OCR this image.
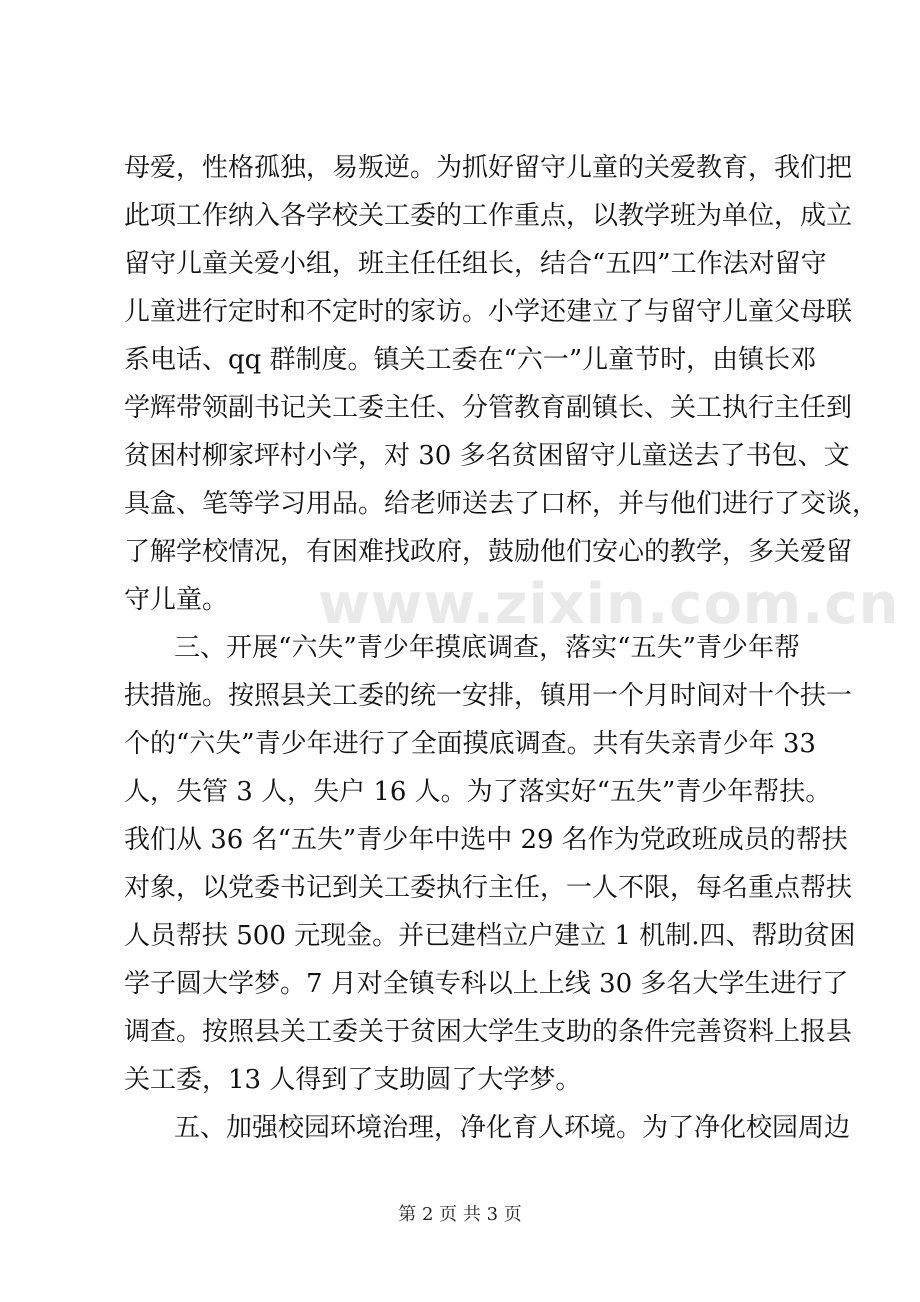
www.zixin.com.cn
母爱，性格孤独，易叛逆。为抓好留守儿童的关爱教育，我们把
此项工作纳入各学校关工委的工作重点，以教学班为单位，成立
留守儿童关爱小组，班主任任组长，结合“五四”工作法对留守
儿童进行定时和不定时的家访。小学还建立了与留守儿童父母联
系电话、qq 群制度。镇关工委在“六一”儿童节时，由镇长邓
学辉带领副书记关工委主任、分管教育副镇长、关工执行主任到
贫困村柳家坪村小学，对 30 多名贫困留守儿童送去了书包、文
具盒、笔等学习用品。给老师送去了口杯，并与他们进行了交谈，
了解学校情况，有困难找政府，鼓励他们安心的教学，多关爱留
守儿童。
三、开展“六失”青少年摸底调查，落实“五失”青少年帮
扶措施。按照县关工委的统一安排，镇用一个月时间对十个扶一
个的“六失”青少年进行了全面摸底调查。共有失亲青少年 33
人，失管 3 人，失户 16 人。为了落实好“五失”青少年帮扶。
我们从 36 名“五失”青少年中选中 29 名作为党政班成员的帮扶
对象，以党委书记到关工委执行主任，一人不限，每名重点帮扶
人员帮扶 500 元现金。并已建档立户建立 1 机制.四、帮助贫困
学子圆大学梦。7 月对全镇专科以上上线 30 多名大学生进行了
调查。按照县关工委关于贫困大学生支助的条件完善资料上报县
关工委，13 人得到了支助圆了大学梦。
五、加强校园环境治理，净化育人环境。为了净化校园周边
第 2 页 共 3 页
